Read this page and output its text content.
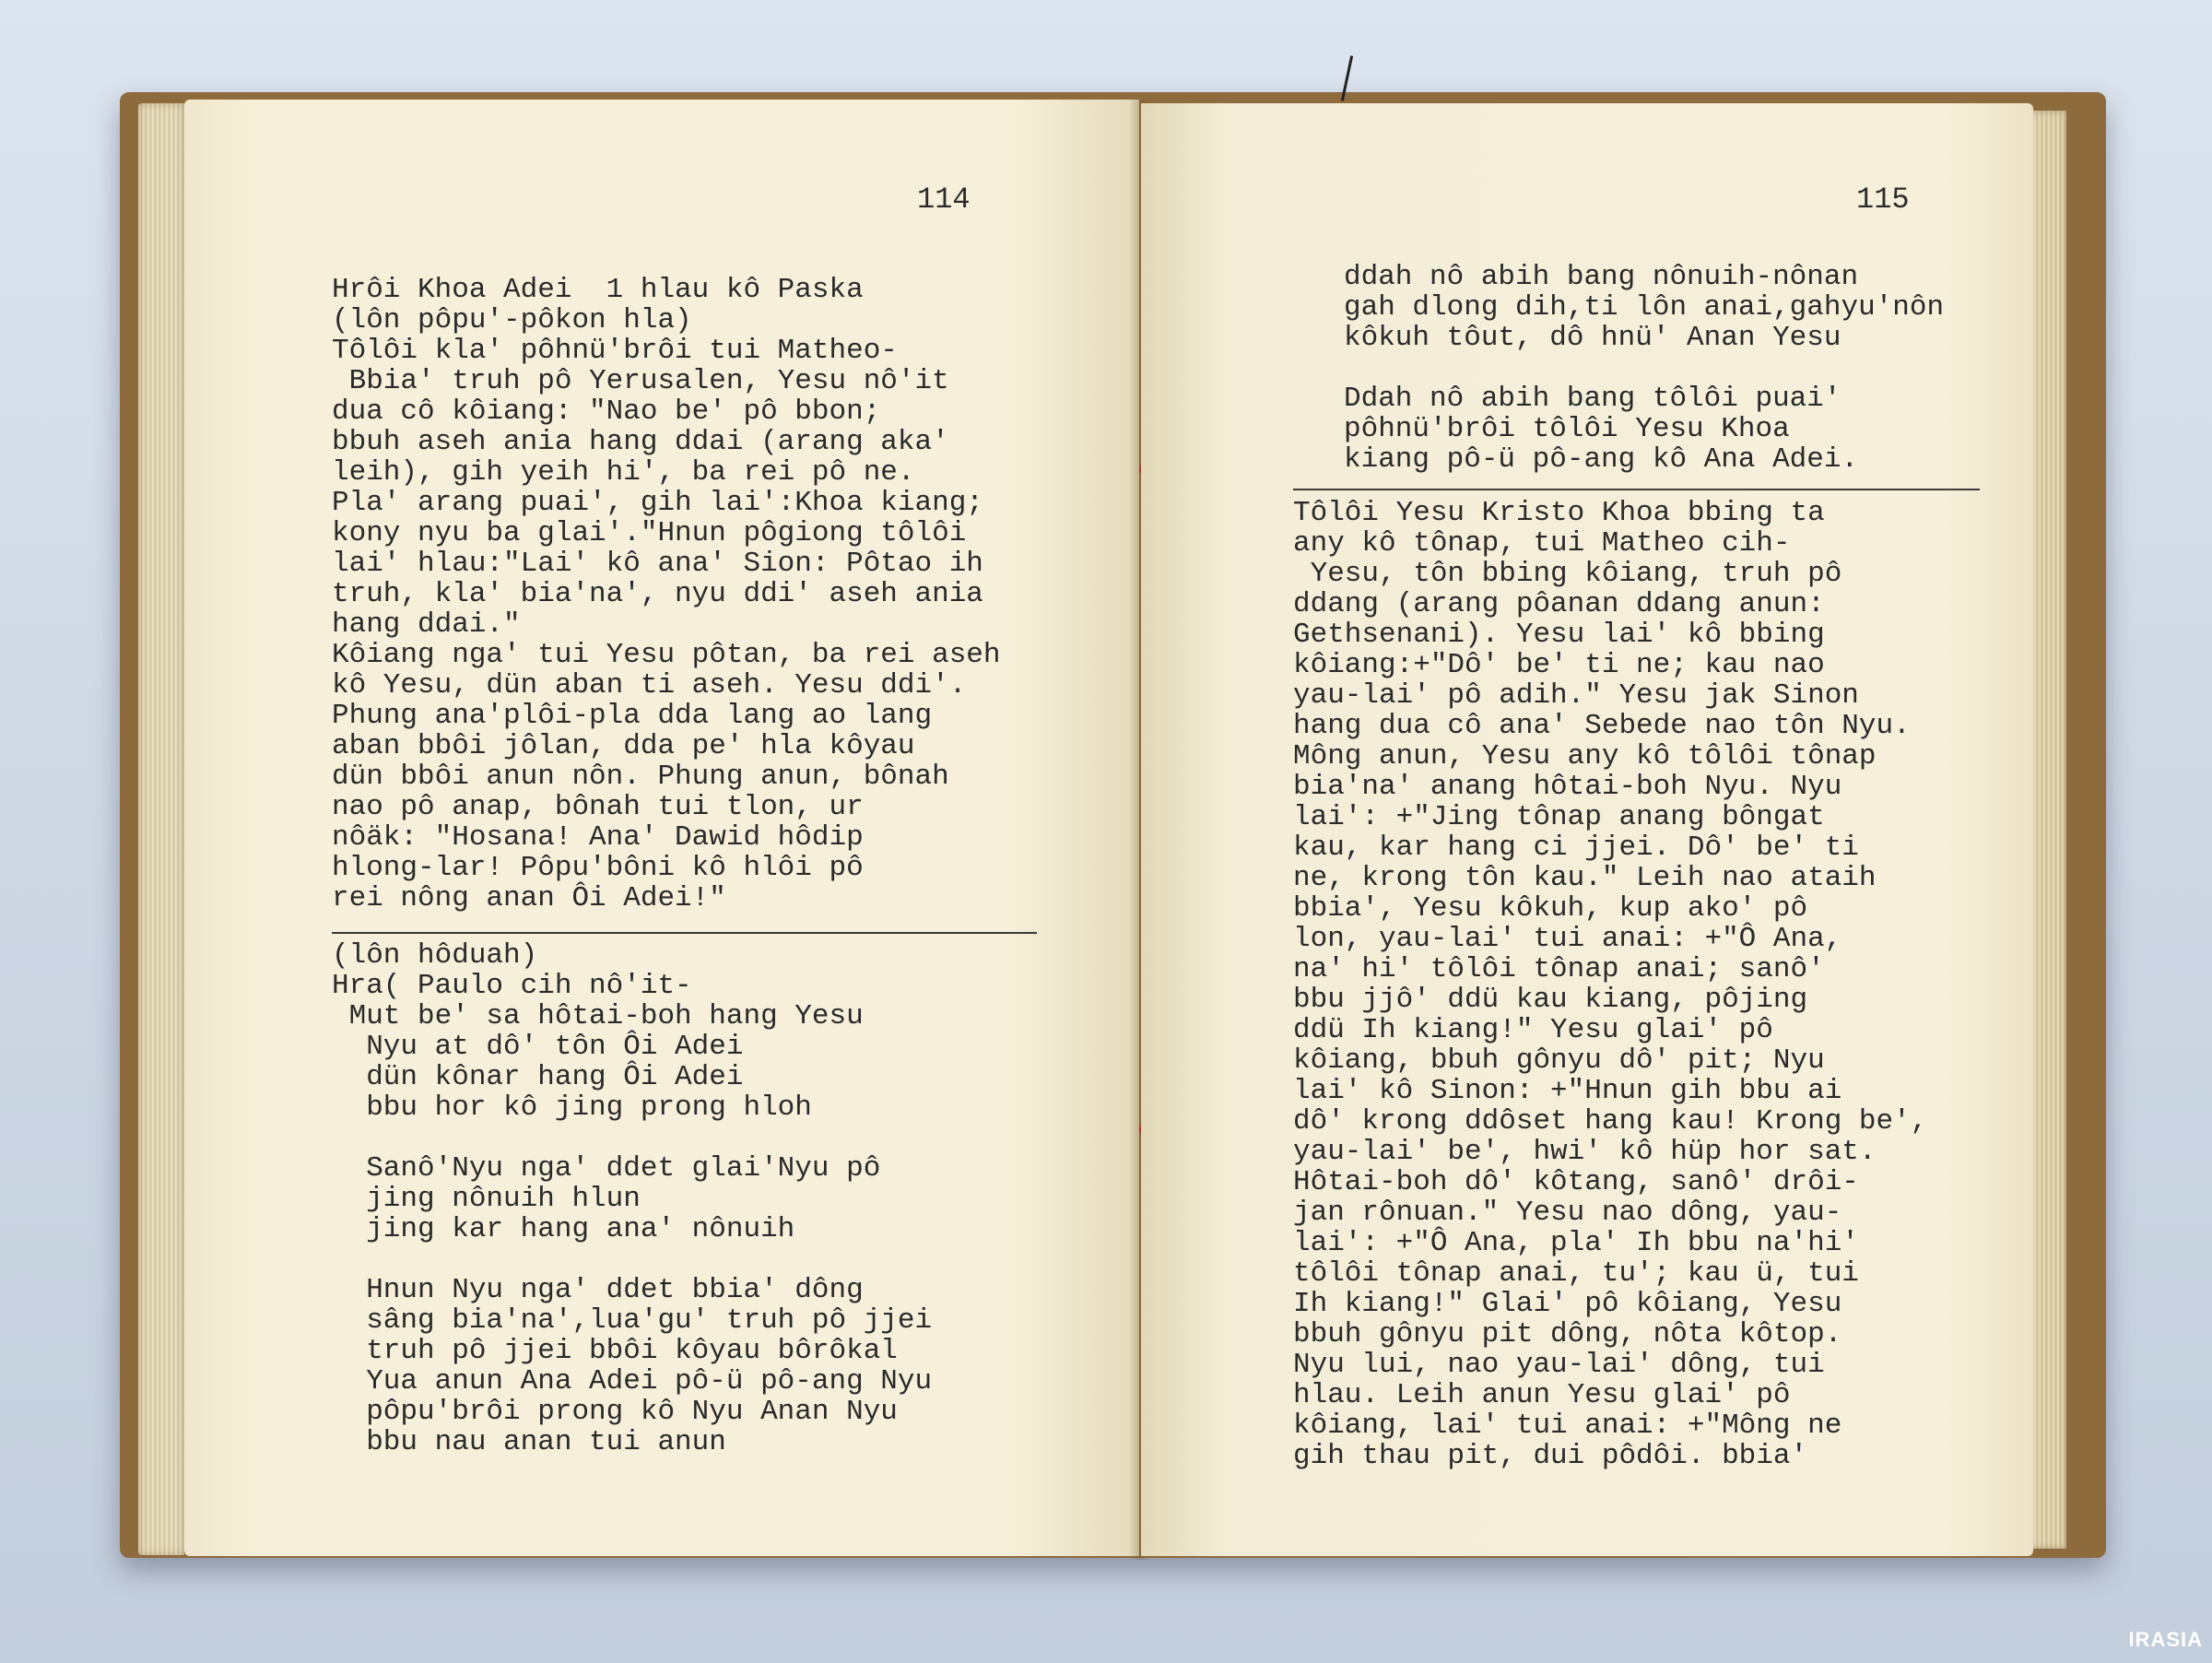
114

Hrôi Khoa Adei  1 hlau kô Paska
(lôn pôpu'-pôkon hla)
Tôlôi kla' pôhnü'brôi tui Matheo-
Bbia' truh pô Yerusalen, Yesu nô'it
dua cô kôiang: "Nao be' pô bbon;
bbuh aseh ania hang ddai (arang aka'
leih), gih yeih hi', ba rei pô ne.
Pla' arang puai', gih lai':Khoa kiang;
kony nyu ba glai'."Hnun pôgiong tôlôi
lai' hlau:"Lai' kô ana' Sion: Pôtao ih
truh, kla' bia'na', nyu ddi' aseh ania
hang ddai."
Kôiang nga' tui Yesu pôtan, ba rei aseh
kô Yesu, dün aban ti aseh. Yesu ddi'.
Phung ana'plôi-pla dda lang ao lang
aban bbôi jôlan, dda pe' hla kôyau
dün bbôi anun nôn. Phung anun, bônah
nao pô anap, bônah tui tlon, ur
nôäk: "Hosana! Ana' Dawid hôdip
hlong-lar! Pôpu'bôni kô hlôi pô
rei nông anan Ôi Adei!"

(lôn hôduah)
Hra( Paulo cih nô'it-
Mut be' sa hôtai-boh hang Yesu
Nyu at dô' tôn Ôi Adei
dün kônar hang Ôi Adei
bbu hor kô jing prong hloh

Sanô'Nyu nga' ddet glai'Nyu pô
jing nônuih hlun
jing kar hang ana' nônuih

Hnun Nyu nga' ddet bbia' dông
sâng bia'na',lua'gu' truh pô jjei
truh pô jjei bbôi kôyau bôrôkal
Yua anun Ana Adei pô-ü pô-ang Nyu
pôpu'brôi prong kô Nyu Anan Nyu
bbu nau anan tui anun

115

ddah nô abih bang nônuih-nônan
gah dlong dih,ti lôn anai,gahyu'nôn
kôkuh tôut, dô hnü' Anan Yesu

Ddah nô abih bang tôlôi puai'
pôhnü'brôi tôlôi Yesu Khoa
kiang pô-ü pô-ang kô Ana Adei.

Tôlôi Yesu Kristo Khoa bbing ta
any kô tônap, tui Matheo cih-
Yesu, tôn bbing kôiang, truh pô
ddang (arang pôanan ddang anun:
Gethsenani). Yesu lai' kô bbing
kôiang:+"Dô' be' ti ne; kau nao
yau-lai' pô adih." Yesu jak Sinon
hang dua cô ana' Sebede nao tôn Nyu.
Mông anun, Yesu any kô tôlôi tônap
bia'na' anang hôtai-boh Nyu. Nyu
lai': +"Jing tônap anang bôngat
kau, kar hang ci jjei. Dô' be' ti
ne, krong tôn kau." Leih nao ataih
bbia', Yesu kôkuh, kup ako' pô
lon, yau-lai' tui anai: +"Ô Ana,
na' hi' tôlôi tônap anai; sanô'
bbu jjô' ddü kau kiang, pôjing
ddü Ih kiang!" Yesu glai' pô
kôiang, bbuh gônyu dô' pit; Nyu
lai' kô Sinon: +"Hnun gih bbu ai
dô' krong ddôset hang kau! Krong be',
yau-lai' be', hwi' kô hüp hor sat.
Hôtai-boh dô' kôtang, sanô' drôi-
jan rônuan." Yesu nao dông, yau-
lai': +"Ô Ana, pla' Ih bbu na'hi'
tôlôi tônap anai, tu'; kau ü, tui
Ih kiang!" Glai' pô kôiang, Yesu
bbuh gônyu pit dông, nôta kôtop.
Nyu lui, nao yau-lai' dông, tui
hlau. Leih anun Yesu glai' pô
kôiang, lai' tui anai: +"Mông ne
gih thau pit, dui pôdôi. bbia'

IRASIA
